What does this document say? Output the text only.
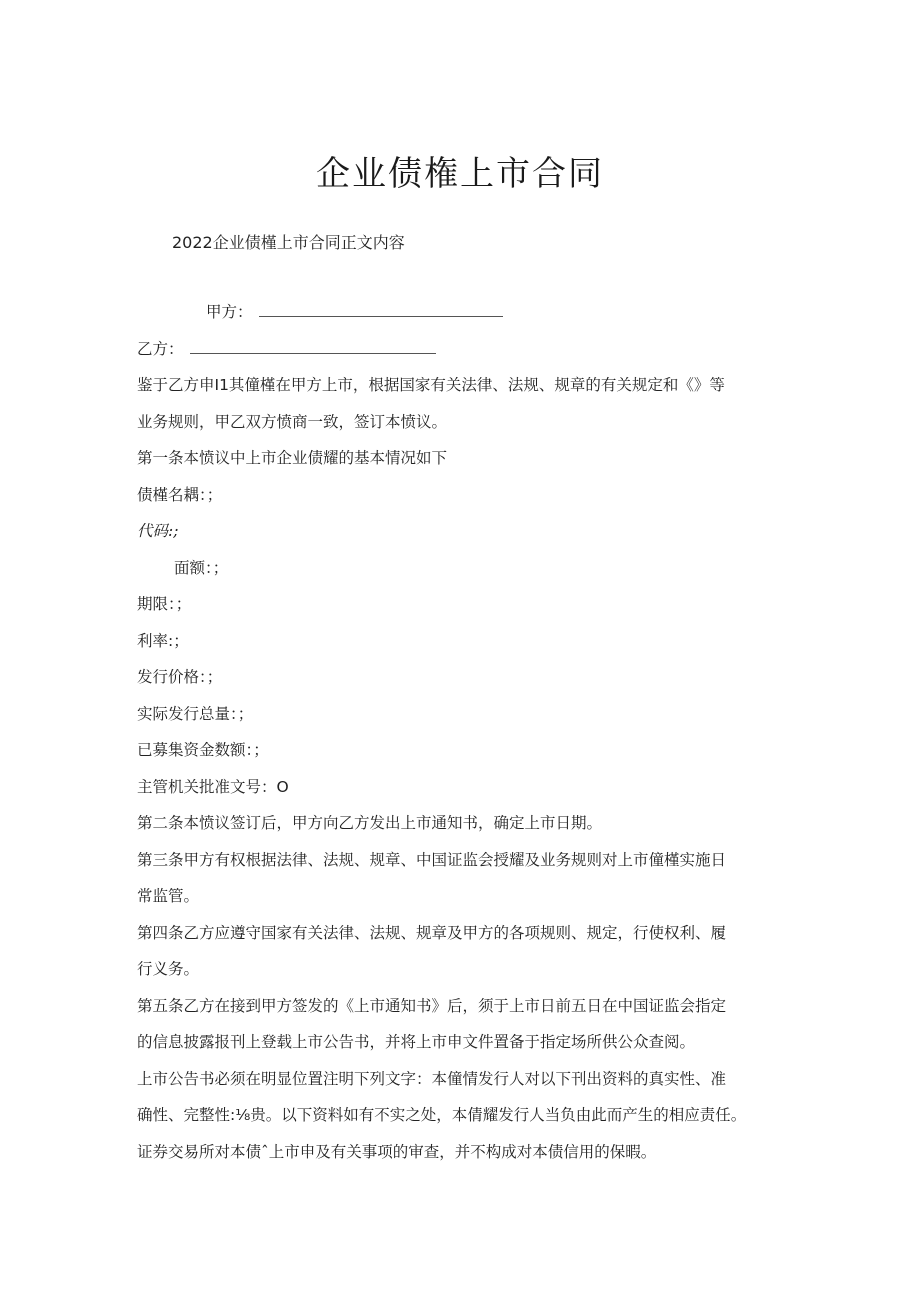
企业债権上市合同
2022企业债槿上市合同正文内容
甲方：
乙方：
鉴于乙方申I1其僮槿在甲方上市，根据国家有关法律、法规、规章的有关规定和《》等
业务规则，甲乙双方愤商一致，签订本愤议。
第一条本愤议中上市企业债耀的基本情况如下
债槿名耦：；
代码:;
面额：；
期限：；
利率:；
发行价格：；
实际发行总量：；
已募集资金数额：；
主管机关批准文号：O
第二条本愤议签订后，甲方向乙方发出上市通知书，确定上市日期。
第三条甲方有权根据法律、法规、规章、中国证监会授耀及业务规则对上市僮槿实施日
常监管。
第四条乙方应遵守国家有关法律、法规、规章及甲方的各项规则、规定，行使权利、履
行义务。
第五条乙方在接到甲方签发的《上市通知书》后，须于上市日前五日在中国证监会指定
的信息披露报刊上登载上市公告书，并将上市申文件置备于指定场所供公众查阅。
上市公告书必须在明显位置注明下列文字：本僮情发行人对以下刊出资料的真实性、准
确性、完整性:⅛贵。以下资料如有不实之处，本倩耀发行人当负由此而产生的相应责任。
证券交易所对本债ˆ上市申及有关事项的审查，并不构成对本债信用的保暇。
